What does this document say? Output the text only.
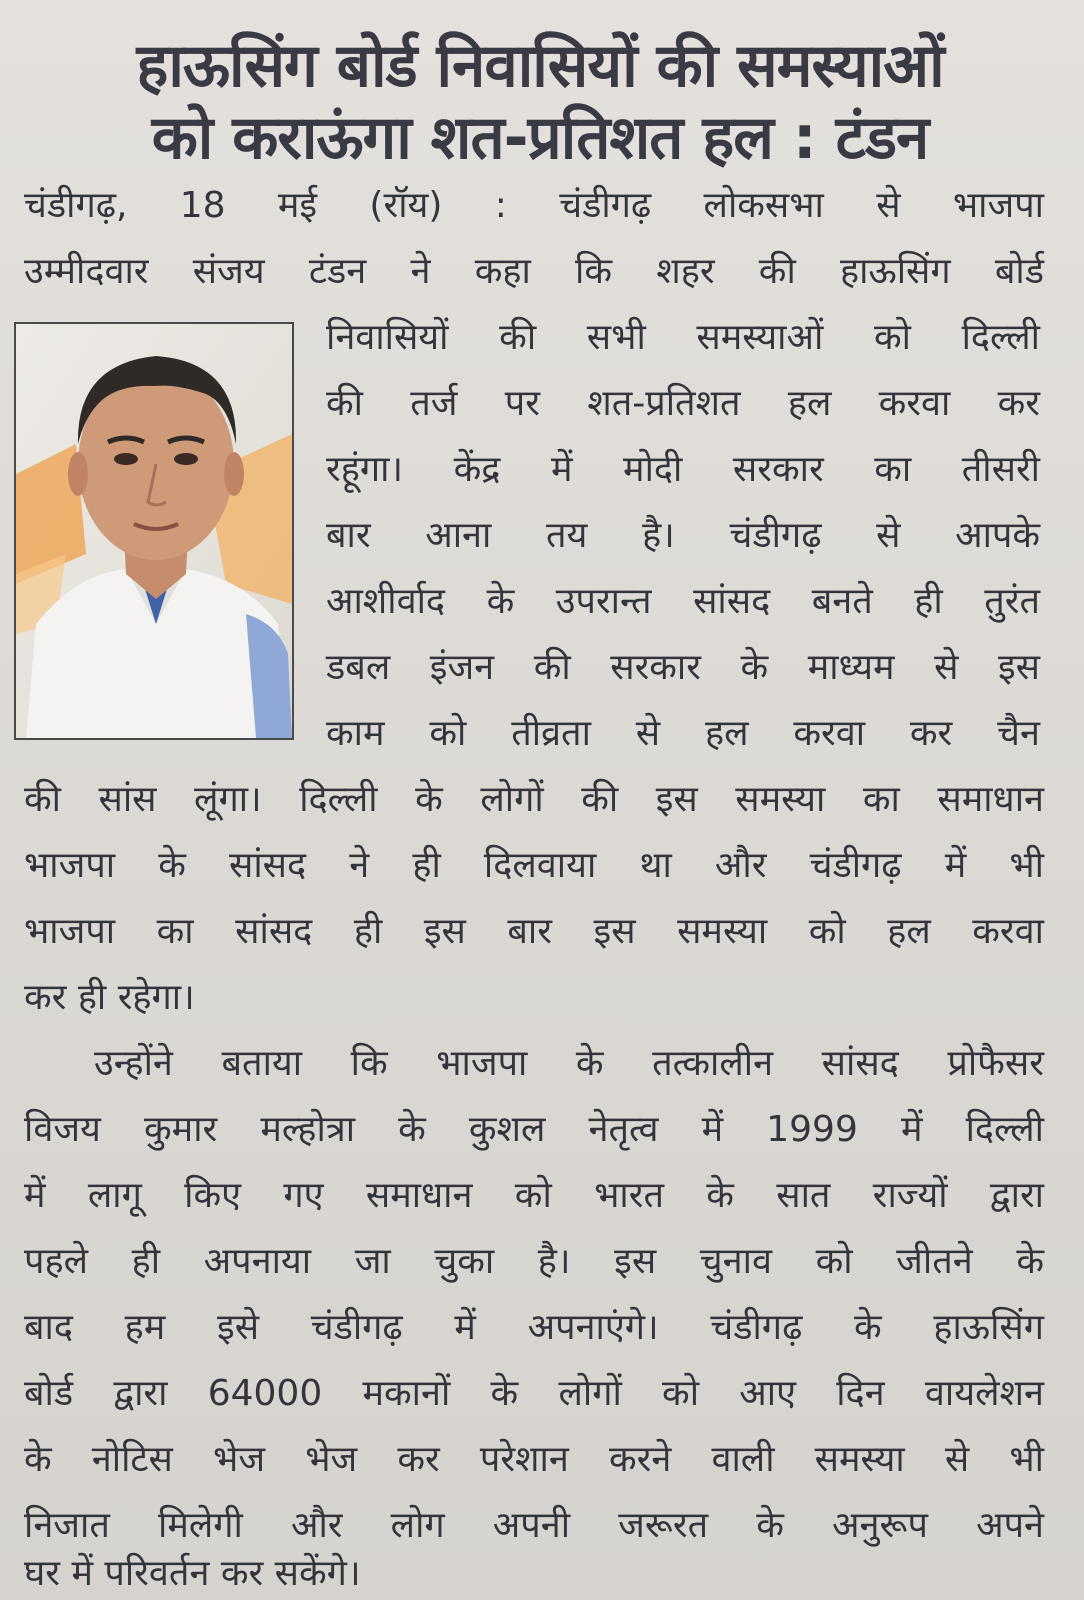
हाऊसिंग बोर्ड निवासियों की समस्याओं
को कराऊंगा शत-प्रतिशत हल : टंडन
चंडीगढ़, 18 मई (रॉय) : चंडीगढ़ लोकसभा से भाजपा
उम्मीदवार संजय टंडन ने कहा कि शहर की हाऊसिंग बोर्ड
निवासियों की सभी समस्याओं को दिल्ली
की तर्ज पर शत-प्रतिशत हल करवा कर
रहूंगा। केंद्र में मोदी सरकार का तीसरी
बार आना तय है। चंडीगढ़ से आपके
आशीर्वाद के उपरान्त सांसद बनते ही तुरंत
डबल इंजन की सरकार के माध्यम से इस
काम को तीव्रता से हल करवा कर चैन
की सांस लूंगा। दिल्ली के लोगों की इस समस्या का समाधान
भाजपा के सांसद ने ही दिलवाया था और चंडीगढ़ में भी
भाजपा का सांसद ही इस बार इस समस्या को हल करवा
कर ही रहेगा।
उन्होंने बताया कि भाजपा के तत्कालीन सांसद प्रोफैसर
विजय कुमार मल्होत्रा के कुशल नेतृत्व में 1999 में दिल्ली
में लागू किए गए समाधान को भारत के सात राज्यों द्वारा
पहले ही अपनाया जा चुका है। इस चुनाव को जीतने के
बाद हम इसे चंडीगढ़ में अपनाएंगे। चंडीगढ़ के हाऊसिंग
बोर्ड द्वारा 64000 मकानों के लोगों को आए दिन वायलेशन
के नोटिस भेज भेज कर परेशान करने वाली समस्या से भी
निजात मिलेगी और लोग अपनी जरूरत के अनुरूप अपने
घर में परिवर्तन कर सकेंगे।
